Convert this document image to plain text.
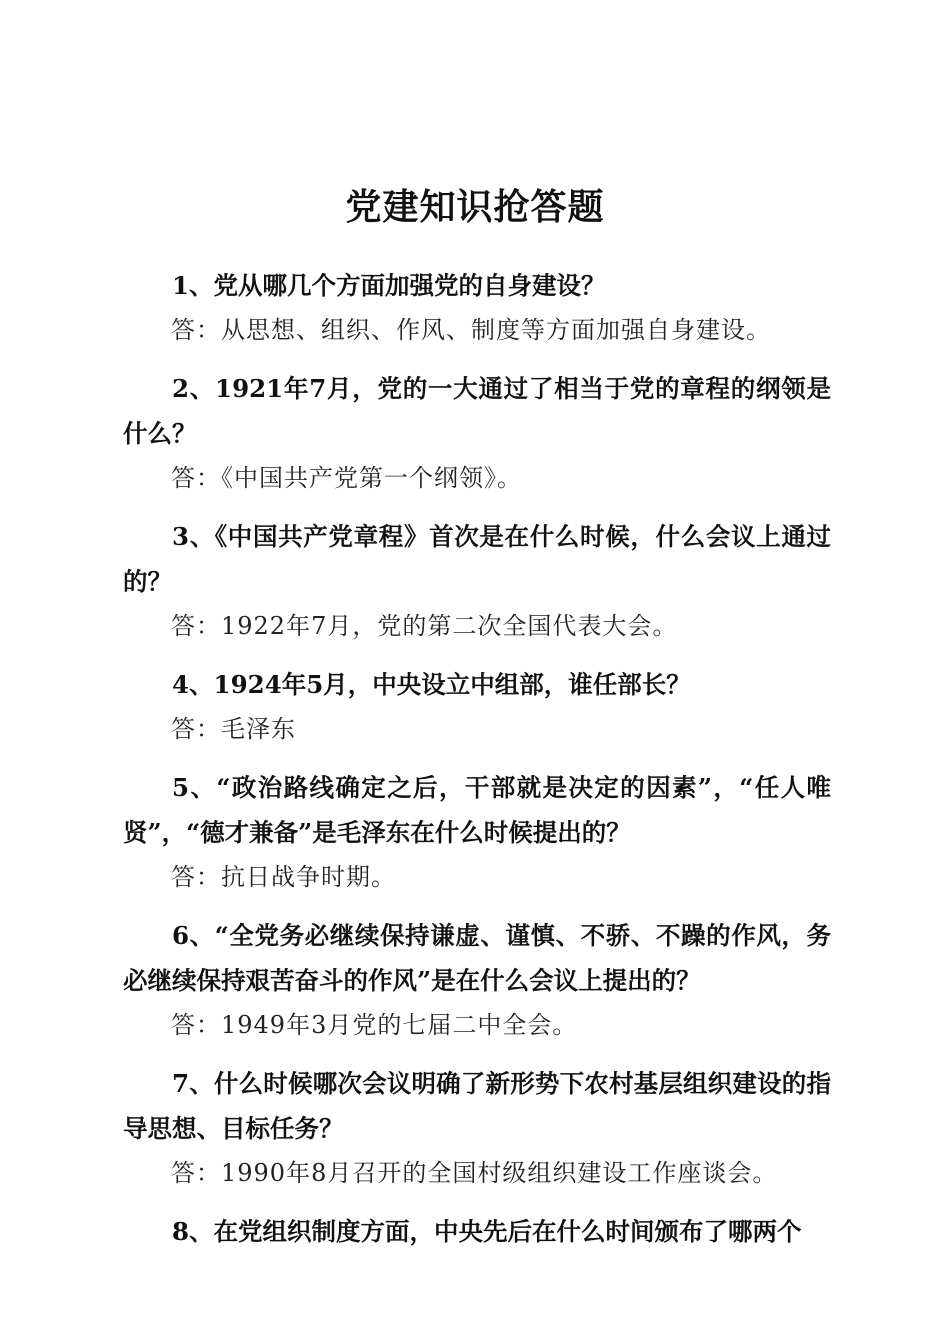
党建知识抢答题

1、党从哪几个方面加强党的自身建设？

答：从思想、组织、作风、制度等方面加强自身建设。

2、1921年7月，党的一大通过了相当于党的章程的纲领是什么？

答：《中国共产党第一个纲领》。

3、《中国共产党章程》首次是在什么时候，什么会议上通过的？

答：1922年7月，党的第二次全国代表大会。

4、1924年5月，中央设立中组部，谁任部长？

答：毛泽东

5、“政治路线确定之后，干部就是决定的因素”，“任人唯贤”，“德才兼备”是毛泽东在什么时候提出的？

答：抗日战争时期。

6、“全党务必继续保持谦虚、谨慎、不骄、不躁的作风，务必继续保持艰苦奋斗的作风”是在什么会议上提出的？

答：1949年3月党的七届二中全会。

7、什么时候哪次会议明确了新形势下农村基层组织建设的指导思想、目标任务？

答：1990年8月召开的全国村级组织建设工作座谈会。

8、在党组织制度方面，中央先后在什么时间颁布了哪两个
